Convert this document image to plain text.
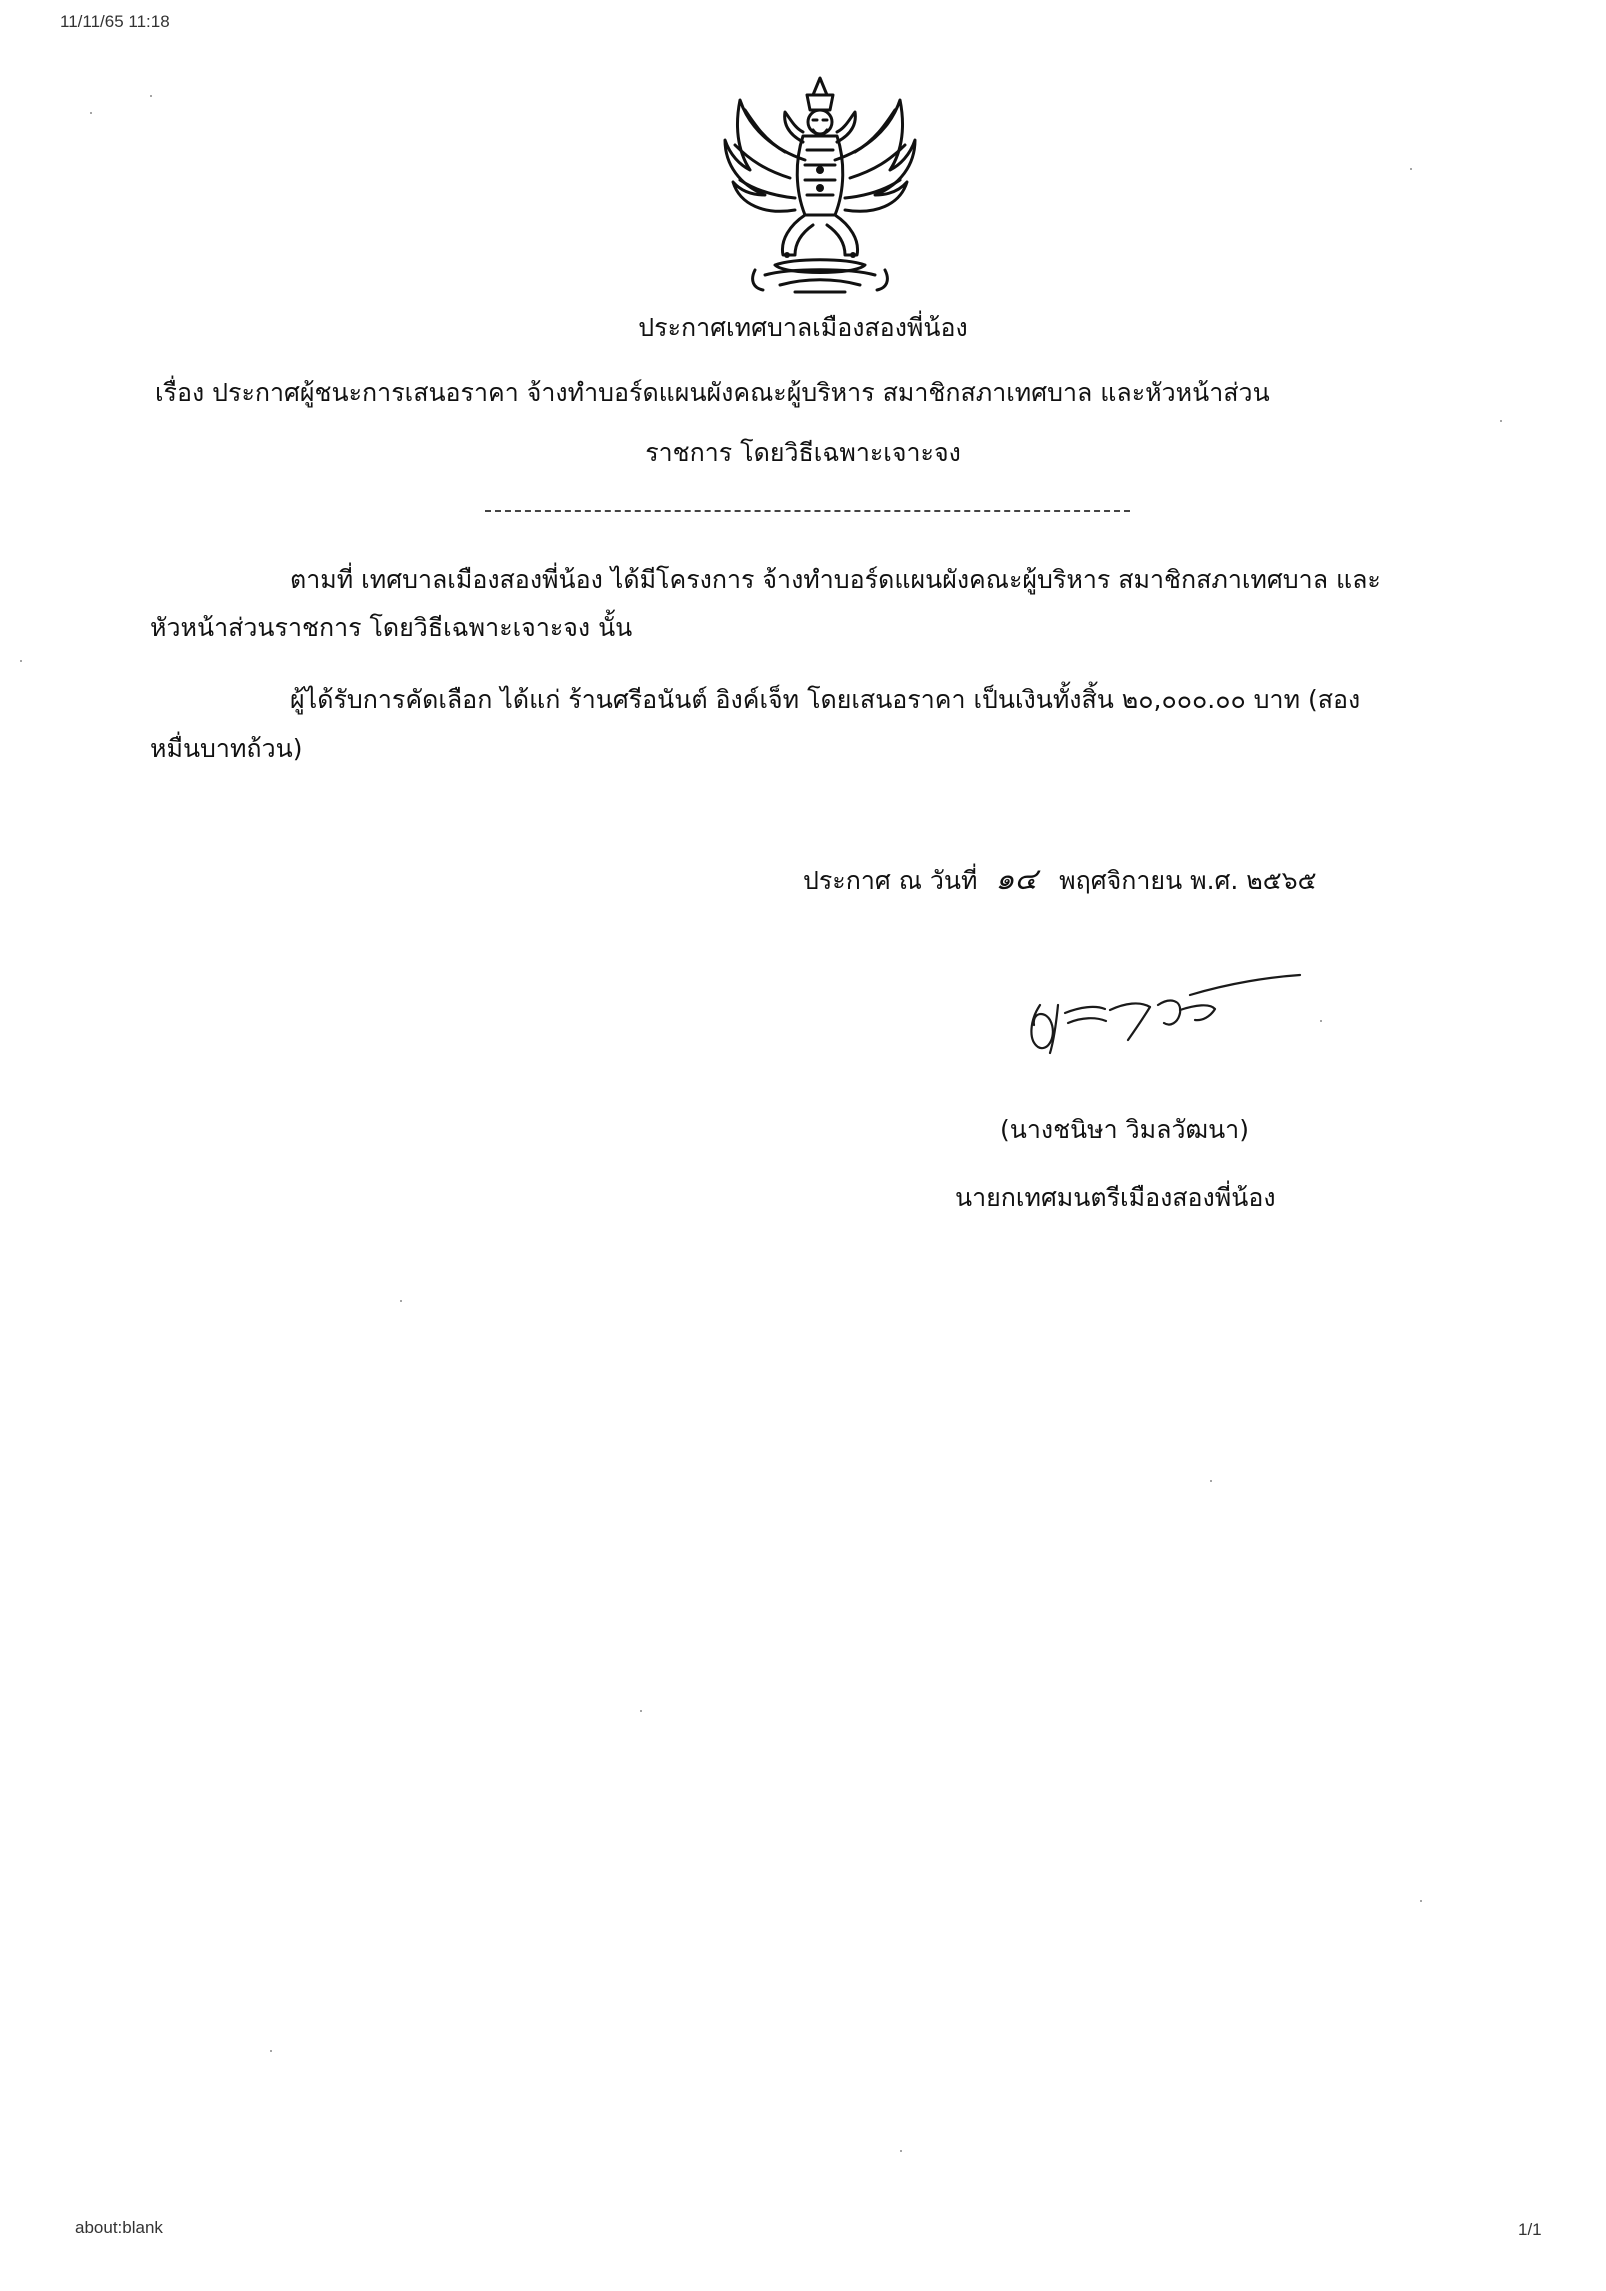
11/11/65 11:18
ประกาศเทศบาลเมืองสองพี่น้อง
เรื่อง ประกาศผู้ชนะการเสนอราคา จ้างทำบอร์ดแผนผังคณะผู้บริหาร สมาชิกสภาเทศบาล และหัวหน้าส่วน
ราชการ โดยวิธีเฉพาะเจาะจง
ตามที่ เทศบาลเมืองสองพี่น้อง ได้มีโครงการ จ้างทำบอร์ดแผนผังคณะผู้บริหาร สมาชิกสภาเทศบาล และ
หัวหน้าส่วนราชการ โดยวิธีเฉพาะเจาะจง นั้น
ผู้ได้รับการคัดเลือก ได้แก่ ร้านศรีอนันต์ อิงค์เจ็ท โดยเสนอราคา เป็นเงินทั้งสิ้น ๒๐,๐๐๐.๐๐ บาท (สอง
หมื่นบาทถ้วน)
ประกาศ ณ วันที่ ๑๔ พฤศจิกายน พ.ศ. ๒๕๖๕
(นางชนิษา วิมลวัฒนา)
นายกเทศมนตรีเมืองสองพี่น้อง
about:blank	1/1
